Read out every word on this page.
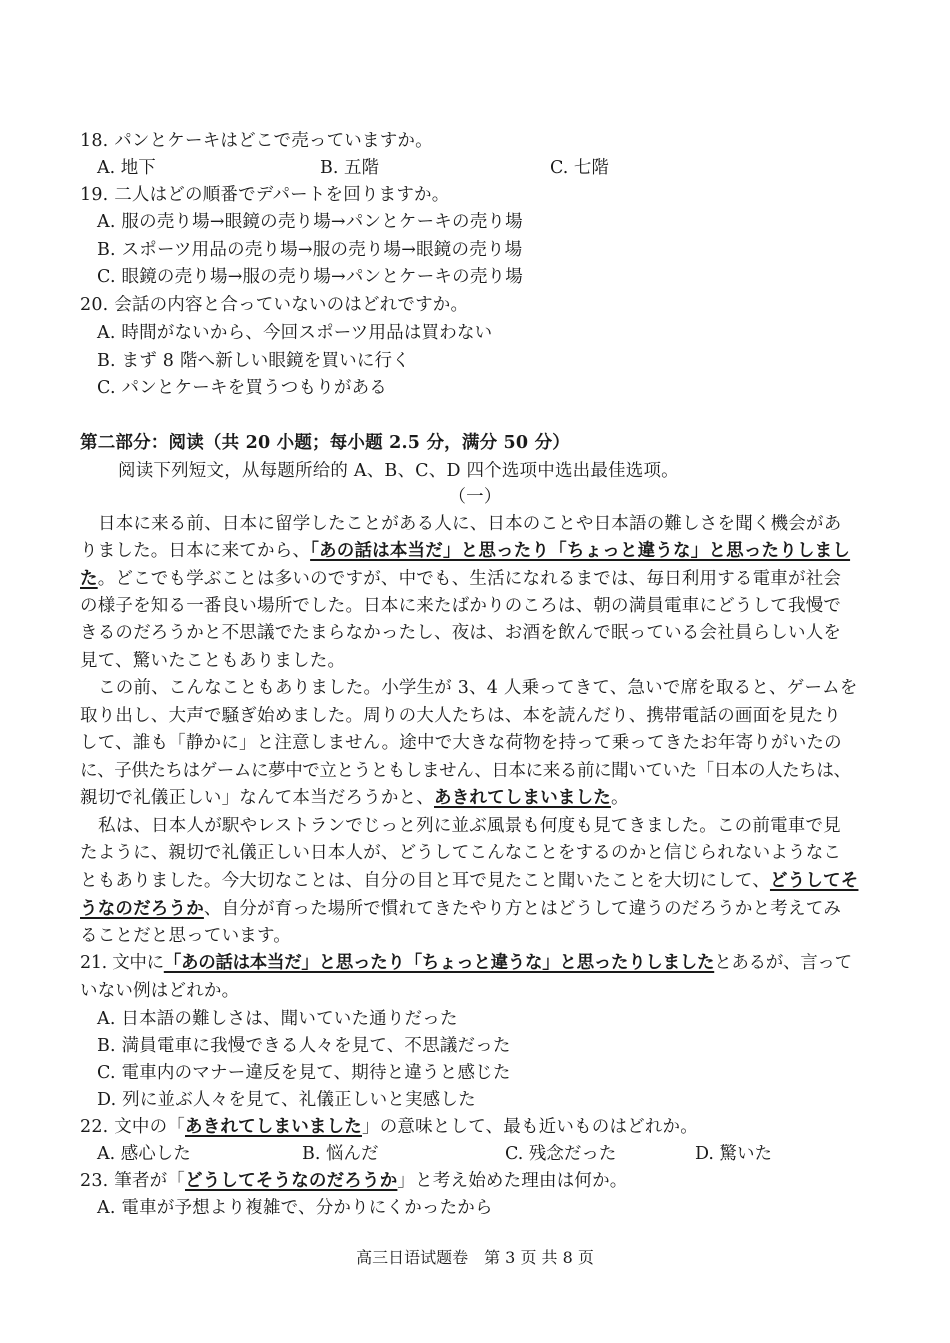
18. パンとケーキはどこで売っていますか。
A. 地下	B. 五階	C. 七階
19. 二人はどの順番でデパートを回りますか。
A. 服の売り場→眼鏡の売り場→パンとケーキの売り場
B. スポーツ用品の売り場→服の売り場→眼鏡の売り場
C. 眼鏡の売り場→服の売り場→パンとケーキの売り場
20. 会話の内容と合っていないのはどれですか。
A. 時間がないから、今回スポーツ用品は買わない
B. まず 8 階へ新しい眼鏡を買いに行く
C. パンとケーキを買うつもりがある
第二部分：阅读（共 20 小题；每小题 2.5 分，满分 50 分）
阅读下列短文，从每题所给的 A、B、C、D 四个选项中选出最佳选项。
（一）
日本に来る前、日本に留学したことがある人に、日本のことや日本語の難しさを聞く機会があ
りました。日本に来てから、「あの話は本当だ」と思ったり「ちょっと違うな」と思ったりしまし
た。どこでも学ぶことは多いのですが、中でも、生活になれるまでは、毎日利用する電車が社会
の様子を知る一番良い場所でした。日本に来たばかりのころは、朝の満員電車にどうして我慢で
きるのだろうかと不思議でたまらなかったし、夜は、お酒を飲んで眠っている会社員らしい人を
見て、驚いたこともありました。
この前、こんなこともありました。小学生が 3、4 人乗ってきて、急いで席を取ると、ゲームを
取り出し、大声で騒ぎ始めました。周りの大人たちは、本を読んだり、携帯電話の画面を見たり
して、誰も「静かに」と注意しません。途中で大きな荷物を持って乗ってきたお年寄りがいたの
に、子供たちはゲームに夢中で立とうともしません、日本に来る前に聞いていた「日本の人たちは、
親切で礼儀正しい」なんて本当だろうかと、あきれてしまいました。
私は、日本人が駅やレストランでじっと列に並ぶ風景も何度も見てきました。この前電車で見
たように、親切で礼儀正しい日本人が、どうしてこんなことをするのかと信じられないようなこ
ともありました。今大切なことは、自分の目と耳で見たこと聞いたことを大切にして、どうしてそ
うなのだろうか、自分が育った場所で慣れてきたやり方とはどうして違うのだろうかと考えてみ
ることだと思っています。
21. 文中に「あの話は本当だ」と思ったり「ちょっと違うな」と思ったりしましたとあるが、言って
いない例はどれか。
A. 日本語の難しさは、聞いていた通りだった
B. 満員電車に我慢できる人々を見て、不思議だった
C. 電車内のマナー違反を見て、期待と違うと感じた
D. 列に並ぶ人々を見て、礼儀正しいと実感した
22. 文中の「あきれてしまいました」の意味として、最も近いものはどれか。
A. 感心した	B. 悩んだ	C. 残念だった	D. 驚いた
23. 筆者が「どうしてそうなのだろうか」と考え始めた理由は何か。
A. 電車が予想より複雑で、分かりにくかったから
高三日语试题卷　第 3 页 共 8 页
